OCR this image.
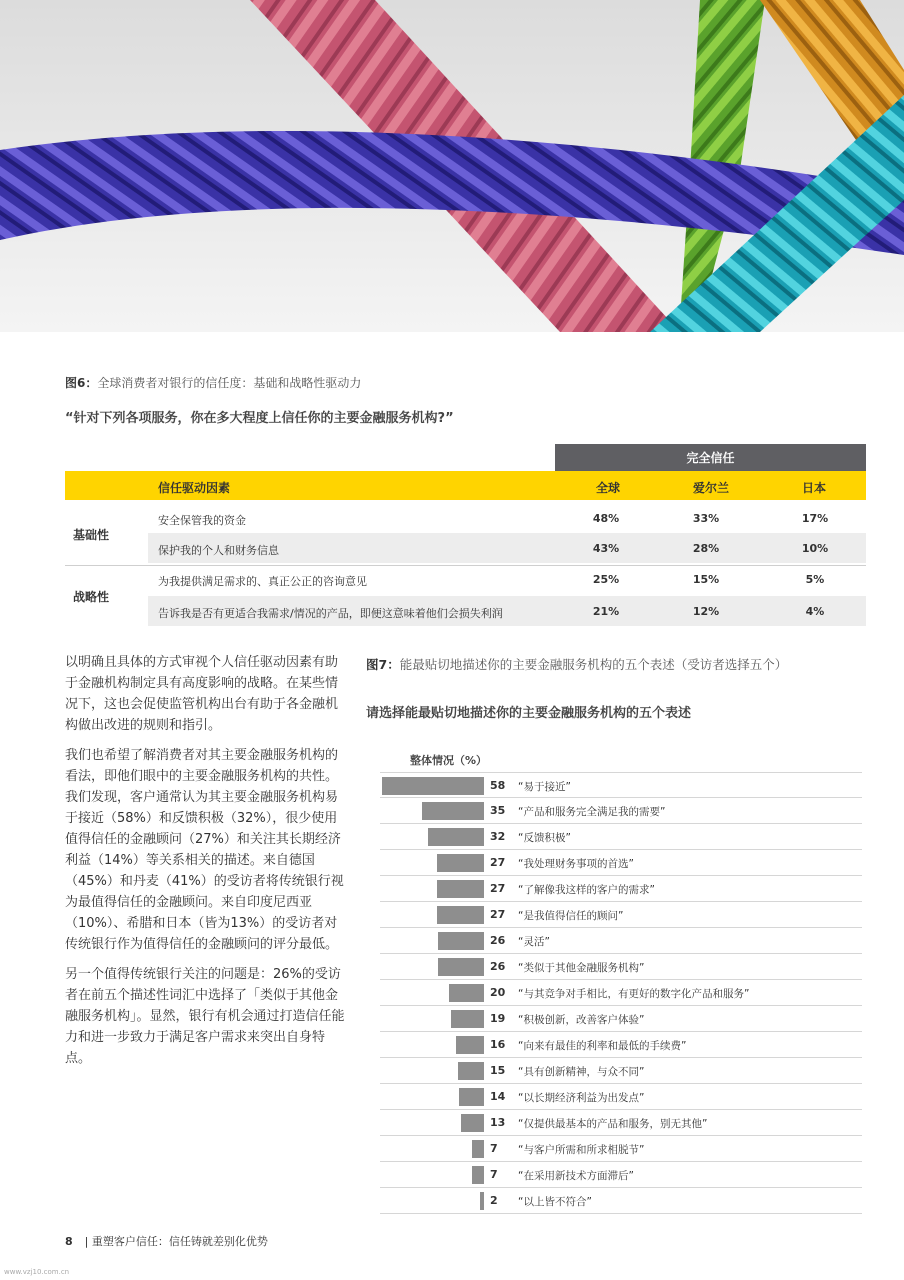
图6：全球消费者对银行的信任度：基础和战略性驱动力
“针对下列各项服务，你在多大程度上信任你的主要金融服务机构?”
完全信任
信任驱动因素	全球	爱尔兰	日本
基础性
安全保管我的资金	48%	33%	17%
保护我的个人和财务信息	43%	28%	10%
战略性
为我提供满足需求的、真正公正的咨询意见	25%	15%	5%
告诉我是否有更适合我需求/情况的产品，即便这意味着他们会损失利润	21%	12%	4%

以明确且具体的方式审视个人信任驱动因素有助于金融机构制定具有高度影响的战略。在某些情况下，这也会促使监管机构出台有助于各金融机构做出改进的规则和指引。

我们也希望了解消费者对其主要金融服务机构的看法，即他们眼中的主要金融服务机构的共性。我们发现，客户通常认为其主要金融服务机构易于接近（58%）和反馈积极（32%），很少使用值得信任的金融顾问（27%）和关注其长期经济利益（14%）等关系相关的描述。来自德国（45%）和丹麦（41%）的受访者将传统银行视为最值得信任的金融顾问。来自印度尼西亚（10%）、希腊和日本（皆为13%）的受访者对传统银行作为值得信任的金融顾问的评分最低。

另一个值得传统银行关注的问题是：26%的受访者在前五个描述性词汇中选择了「类似于其他金融服务机构」。显然，银行有机会通过打造信任能力和进一步致力于满足客户需求来突出自身特点。

图7：能最贴切地描述你的主要金融服务机构的五个表述（受访者选择五个）
请选择能最贴切地描述你的主要金融服务机构的五个表述
整体情况（%）
58 “易于接近”
35 “产品和服务完全满足我的需要”
32 “反馈积极”
27 “我处理财务事项的首选”
27 “了解像我这样的客户的需求”
27 “是我值得信任的顾问”
26 “灵活”
26 “类似于其他金融服务机构”
20 “与其竞争对手相比，有更好的数字化产品和服务”
19 “积极创新，改善客户体验”
16 “向来有最佳的利率和最低的手续费”
15 “具有创新精神，与众不同”
14 “以长期经济利益为出发点”
13 “仅提供最基本的产品和服务，别无其他”
7 “与客户所需和所求相脱节”
7 “在采用新技术方面滞后”
2 “以上皆不符合”
8 | 重塑客户信任：信任铸就差别化优势
www.vzj10.com.cn
